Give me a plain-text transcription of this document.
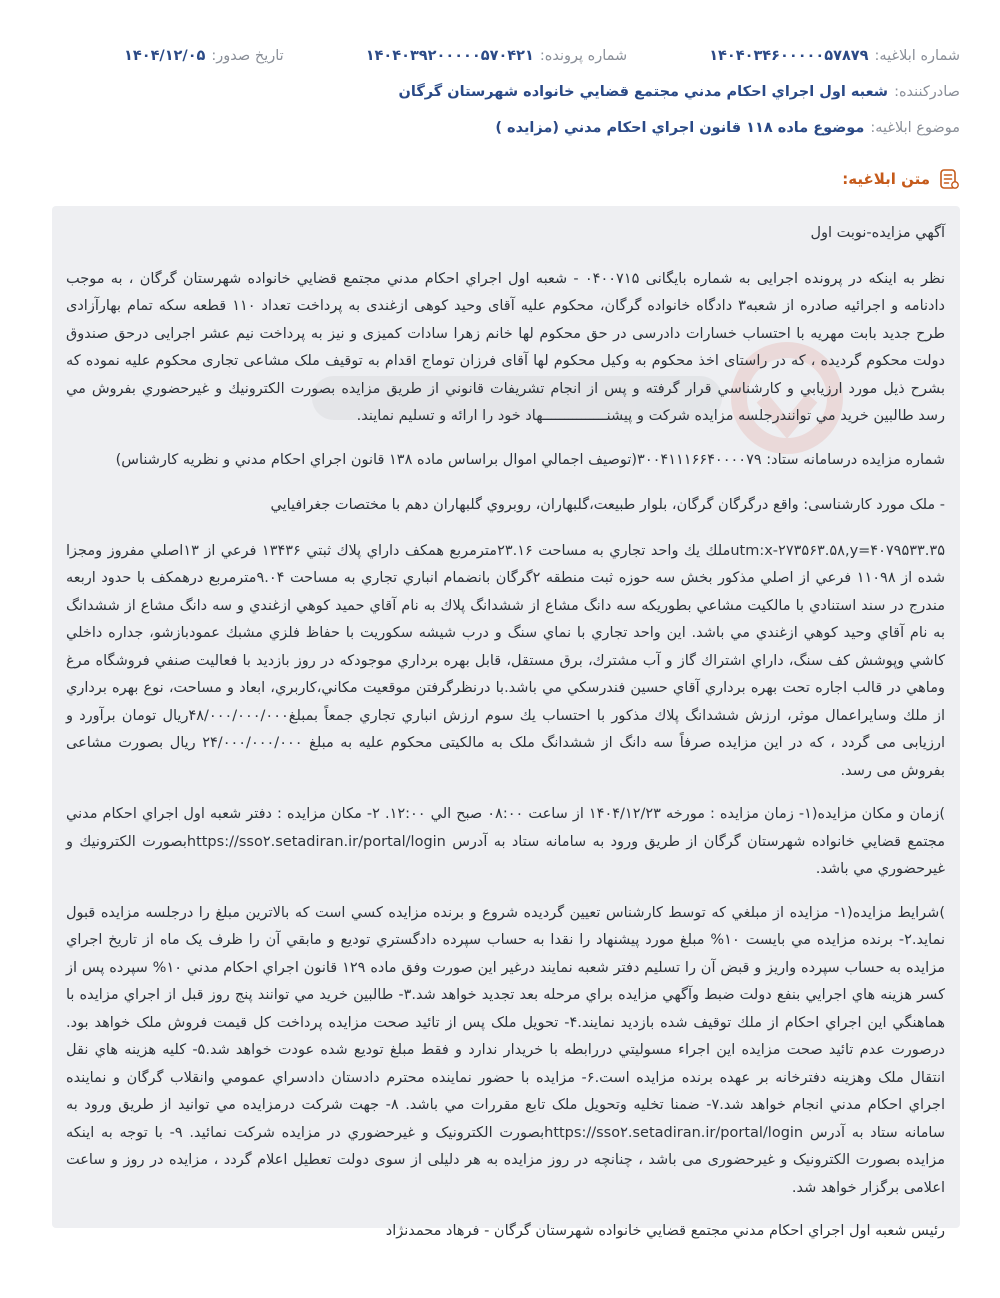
شماره ابلاغیه:
۱۴۰۴۰۳۴۶۰۰۰۰۰۵۷۸۷۹
شماره پرونده:
۱۴۰۴۰۳۹۲۰۰۰۰۰۵۷۰۴۲۱
تاریخ صدور:
۱۴۰۴/۱۲/۰۵
صادرکننده:
شعبه اول اجراي احكام مدني مجتمع قضايي خانواده شهرستان گرگان
موضوع ابلاغیه:
موضوع ماده ۱۱۸ قانون اجراي احكام مدني (مزايده )
متن ابلاغیه:

آگهي مزايده-نوبت اول

نظر به اینکه در پرونده اجرایی به شماره بایگانی ۰۴۰۰۷۱۵ - شعبه اول اجراي احكام مدني مجتمع قضايي خانواده شهرستان گرگان ، به موجب دادنامه و اجرائیه صادره از شعبه۳ دادگاه خانواده گرگان، محکوم علیه آقای وحید کوهی ازغندی به پرداخت تعداد ۱۱۰ قطعه سکه تمام بهارآزادی طرح جدید بابت مهریه با احتساب خسارات دادرسی در حق محکوم لها خانم زهرا سادات کمیزی و نیز به پرداخت نیم عشر اجرایی درحق صندوق دولت محکوم گردیده ، که در راستای اخذ محکوم به وکیل محکوم لها آقای فرزان توماج اقدام به توقیف ملک مشاعی تجاری محکوم علیه نموده که بشرح ذیل مورد ارزيابي و كارشناسي قرار گرفته و پس از انجام تشريفات قانوني از طريق مزايده بصورت الكترونيك و غيرحضوري بفروش مي رسد طالبين خريد مي توانندرجلسه مزايده شركت و پيشنـــــــــــــــهاد خود را ارائه و تسليم نمايند.

شماره مزايده درسامانه ستاد: ۳۰۰۴۱۱۱۶۶۴۰۰۰۰۷۹(توصيف اجمالي اموال براساس ماده ۱۳۸ قانون اجراي احكام مدني و نظريه كارشناس)

- ملک مورد کارشناسی: واقع درگرگان گرگان، بلوار طبیعت،گلبهاران، روبروي گلبهاران دهم با مختصات جغرافيايي

utm:x-۲۷۳۵۶۳.۵۸,y=۴۰۷۹۵۳۳.۳۵ملك يك واحد تجاري به مساحت ۲۳.۱۶مترمربع همكف داراي پلاك ثبتي ۱۳۴۳۶ فرعي از ۱۳اصلي مفروز ومجزا شده از ۱۱۰۹۸ فرعي از اصلي مذكور بخش سه حوزه ثبت منطقه ۲گرگان بانضمام انباري تجاري به مساحت ۹.۰۴مترمربع درهمكف با حدود اربعه مندرج در سند استنادي با مالكيت مشاعي بطوريكه سه دانگ مشاع از ششدانگ پلاك به نام آقاي حميد كوهي ازغندي و سه دانگ مشاع از ششدانگ به نام آقاي وحيد كوهي ازغندي مي باشد. اين واحد تجاري با نماي سنگ و درب شيشه سكوريت با حفاظ فلزي مشبك عمودبازشو، جداره داخلي كاشي وپوشش كف سنگ، داراي اشتراك گاز و آب مشترك، برق مستقل، قابل بهره برداري موجودكه در روز بازديد با فعاليت صنفي فروشگاه مرغ وماهي در قالب اجاره تحت بهره برداري آقاي حسين فندرسكي مي باشد.با درنظرگرفتن موقعيت مكاني،كاربري، ابعاد و مساحت، نوع بهره برداري از ملك وسايراعمال موثر، ارزش ششدانگ پلاك مذكور با احتساب يك سوم ارزش انباري تجاري جمعاً بمبلغ۴۸/۰۰۰/۰۰۰/۰۰۰ريال تومان برآورد و ارزیابی می گردد ، که در این مزایده صرفاً سه دانگ از ششدانگ ملک به مالکیتی محکوم علیه به مبلغ ۲۴/۰۰۰/۰۰۰/۰۰۰ ریال بصورت مشاعی بفروش می رسد.

)زمان و مكان مزايده(۱- زمان مزايده : مورخه ۱۴۰۴/۱۲/۲۳ از ساعت ۰۸:۰۰ صبح الي ۱۲:۰۰. ۲- مكان مزايده : دفتر شعبه اول اجراي احكام مدني مجتمع قضايي خانواده شهرستان گرگان از طريق ورود به سامانه ستاد به آدرس https://sso۲.setadiran.ir/portal/loginبصورت الكترونيك و غيرحضوري مي باشد.

)شرايط مزايده(۱- مزايده از مبلغي كه توسط كارشناس تعيين گرديده شروع و برنده مزايده كسي است كه بالاترين مبلغ را درجلسه مزايده قبول نمايد.۲- برنده مزايده مي بايست ۱۰% مبلغ مورد پيشنهاد را نقدا به حساب سپرده دادگستري توديع و مابقي آن را ظرف يک ماه از تاريخ اجراي مزايده به حساب سپرده واريز و قبض آن را تسليم دفتر شعبه نمايند درغير اين صورت وفق ماده ۱۲۹ قانون اجراي احكام مدني ۱۰% سپرده پس از كسر هزينه هاي اجرايي بنفع دولت ضبط وآگهي مزايده براي مرحله بعد تجديد خواهد شد.۳- طالبين خريد مي توانند پنج روز قبل از اجراي مزايده با هماهنگي اين اجراي احكام از ملك توقيف شده بازديد نمايند.۴- تحويل ملک پس از تائيد صحت مزايده پرداخت كل قيمت فروش ملک خواهد بود. درصورت عدم تائيد صحت مزايده اين اجراء مسوليتي دررابطه با خريدار ندارد و فقط مبلغ توديع شده عودت خواهد شد.۵- كليه هزينه هاي نقل انتقال ملک وهزينه دفترخانه بر عهده برنده مزايده است.۶- مزايده با حضور نماينده محترم دادستان دادسراي عمومي وانقلاب گرگان و نماينده اجراي احكام مدني انجام خواهد شد.۷- ضمنا تخليه وتحويل ملک تابع مقررات مي باشد. ۸- جهت شركت درمزايده مي توانيد از طريق ورود به سامانه ستاد به آدرس https://sso۲.setadiran.ir/portal/loginبصورت الكترونيک و غيرحضوري در مزايده شركت نمائيد. ۹- با توجه به اینکه مزایده بصورت الکترونیک و غیرحضوری می باشد ، چنانچه در روز مزایده به هر دلیلی از سوی دولت تعطیل اعلام گردد ، مزایده در روز و ساعت اعلامی برگزار خواهد شد.

رئيس شعبه اول اجراي احكام مدني مجتمع قضايي خانواده شهرستان گرگان - فرهاد محمدنژاد
